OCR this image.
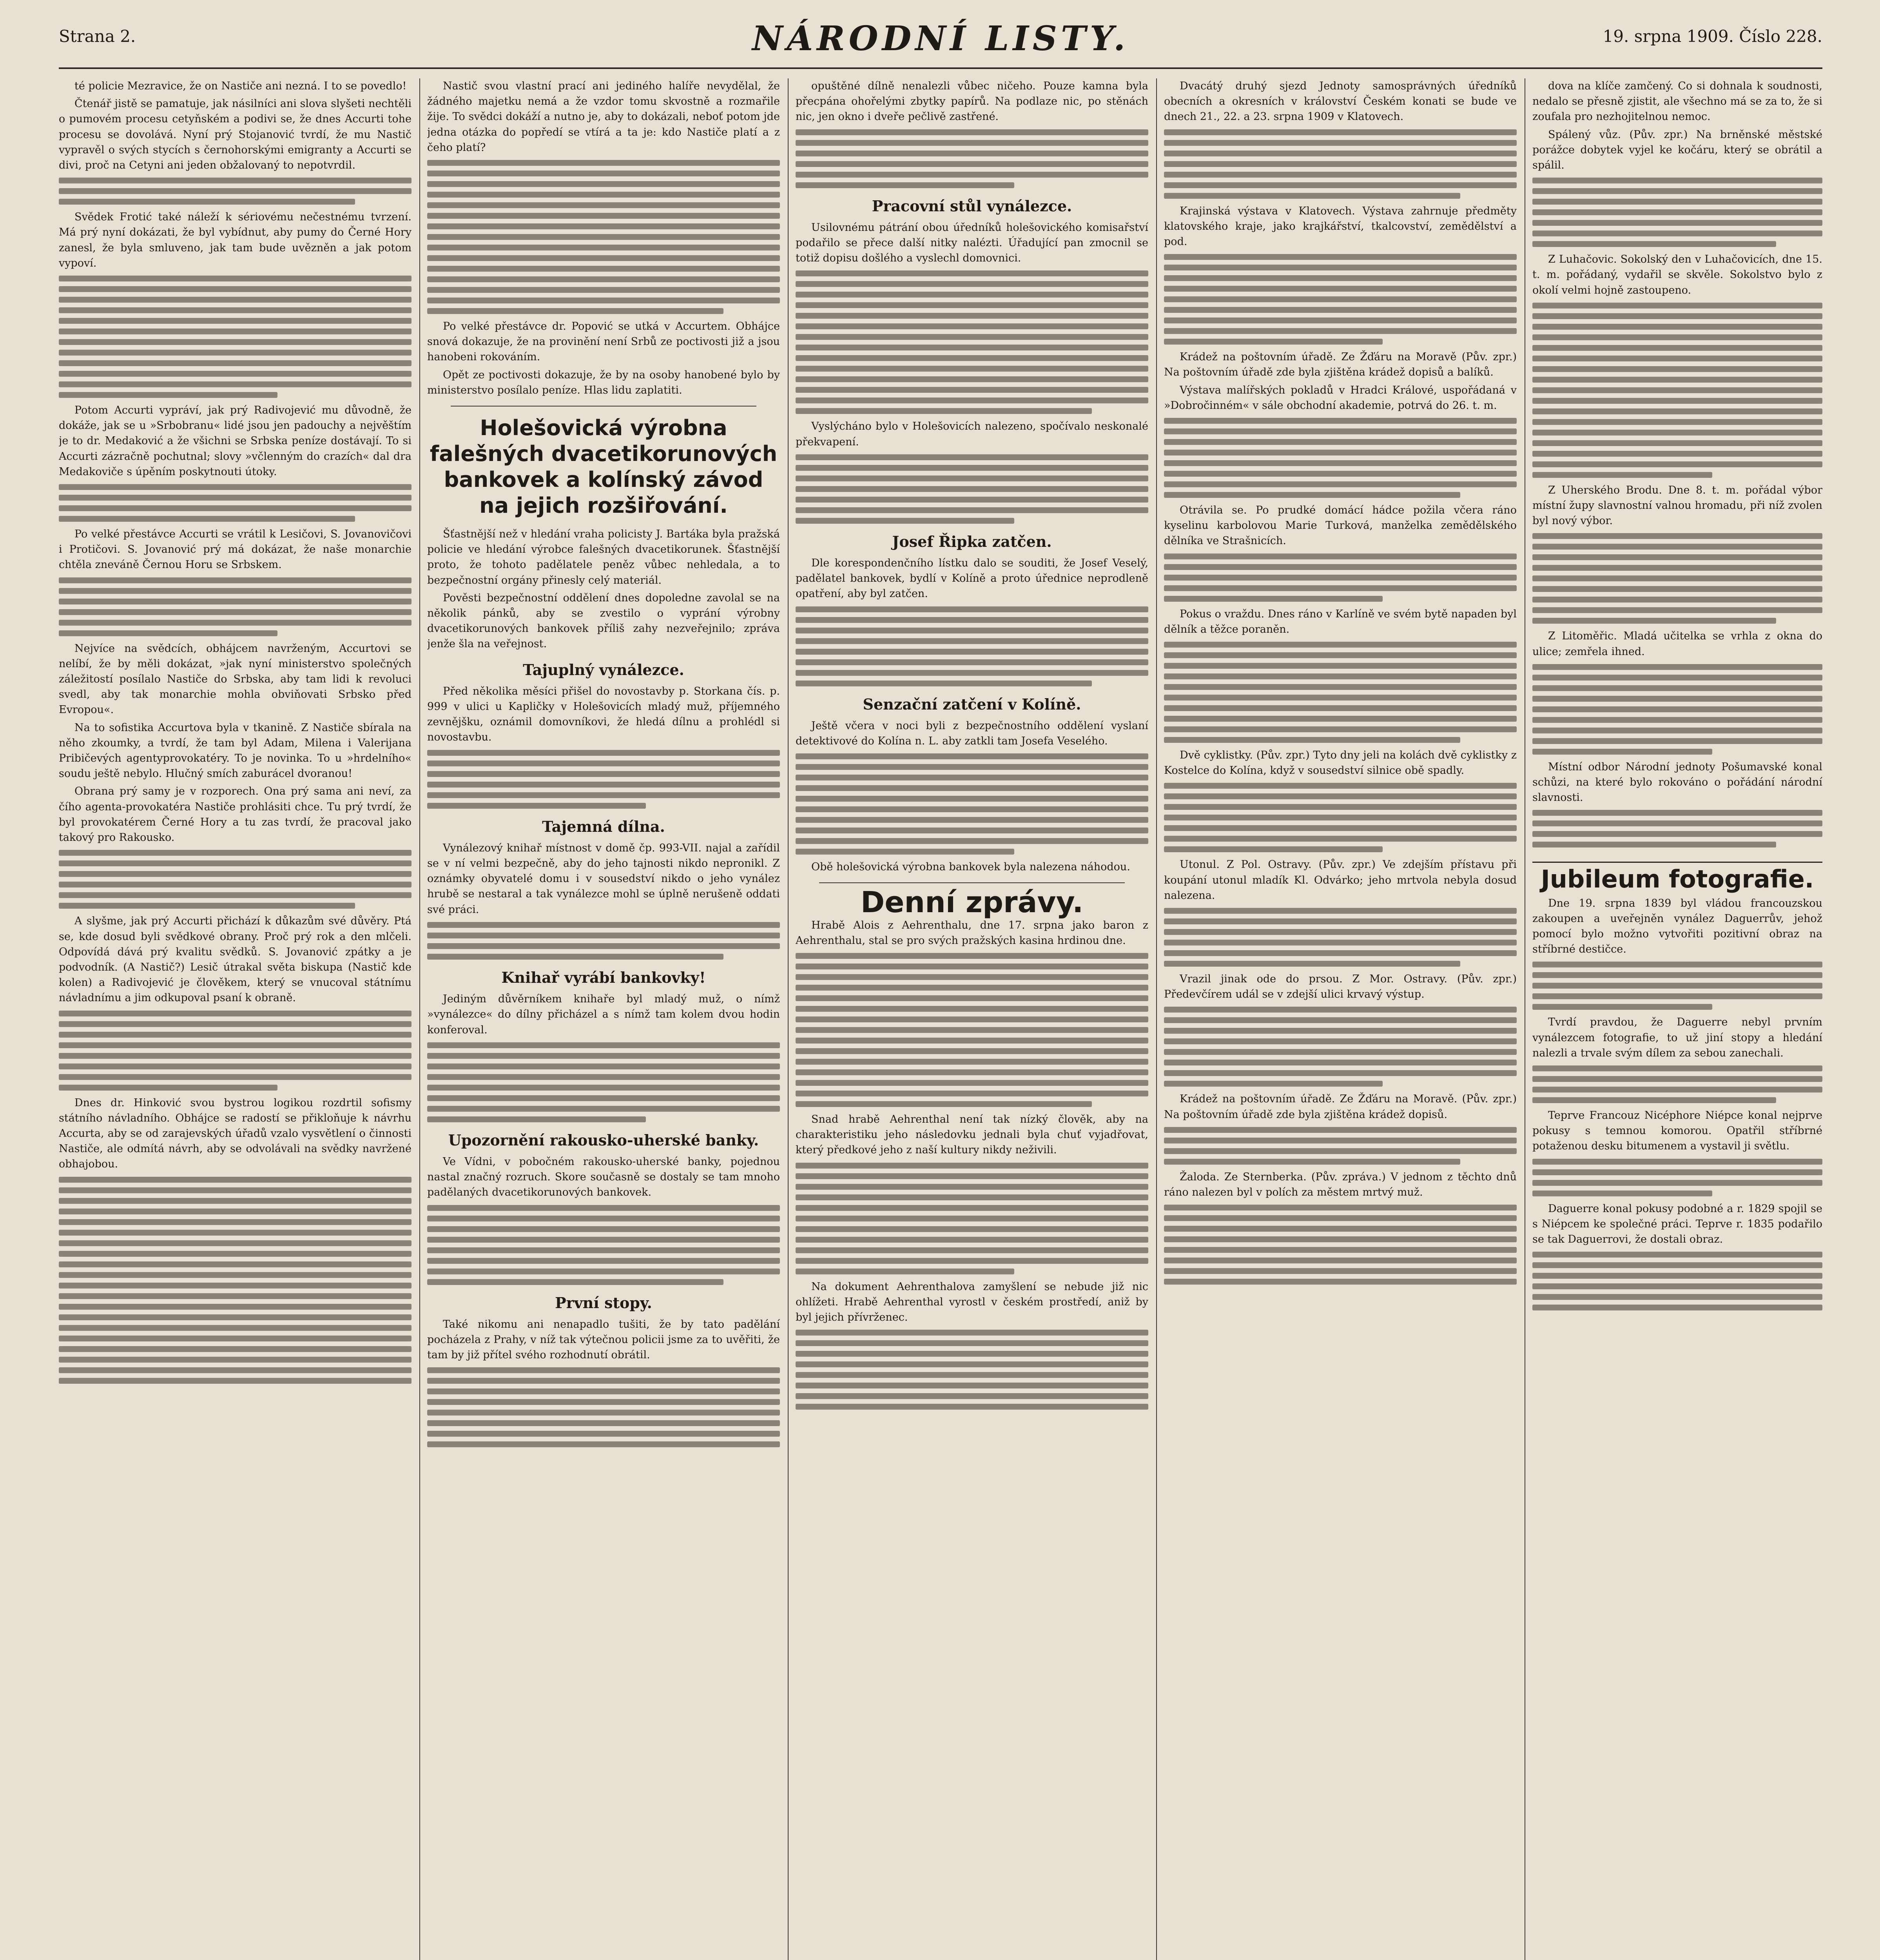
Strana 2.	NÁRODNÍ LISTY.	19. srpna 1909. Číslo 228.

té policie Mezravice, že on Nastiče ani nezná. I to se povedlo!

Čtenář jistě se pamatuje, jak násilníci ani slova slyšeti nechtěli o pumovém procesu cetyňském a podivi se, že dnes Accurti tohe procesu se dovolává. Nyní prý Stojanović tvrdí, že mu Nastič vypravěl o svých stycích s černohorskými emigranty a Accurti se divi, proč na Cetyni ani jeden obžalovaný to nepotvrdil.

Svědek Frotić také náleží k sériovému nečestnému tvrzení. Má prý nyní dokázati, že byl vybídnut, aby pumy do Černé Hory zanesl, že byla smluveno, jak tam bude uvězněn a jak potom vypoví.

Potom Accurti vypráví, jak prý Radivojević mu důvodně, že dokáže, jak se u »Srbobranu« lidé jsou jen padouchy a nejvěštím je to dr. Medaković a že všichni se Srbska peníze dostávají. To si Accurti zázračně pochutnal; slovy »včlenným do crazích« dal dra Medakoviče s úpěním poskytnouti útoky.

Po velké přestávce Accurti se vrátil k Lesičovi, S. Jovanovičovi i Protičovi. S. Jovanović prý má dokázat, že naše monarchie chtěla zneváně Černou Horu se Srbskem.

Nejvíce na svědcích, obhájcem navrženým, Accurtovi se nelíbí, že by měli dokázat, »jak nyní ministerstvo společných záležitostí posílalo Nastiče do Srbska, aby tam lidi k revoluci svedl, aby tak monarchie mohla obviňovati Srbsko před Evropou«.

Na to sofistika Accurtova byla v tkanině. Z Nastiče sbírala na něho zkoumky, a tvrdí, že tam byl Adam, Milena i Valerijana Pribičevých agentyprovokatéry. To je novinka. To u »hrdelního« soudu ještě nebylo. Hlučný smích zaburácel dvoranou!

Obrana prý samy je v rozporech. Ona prý sama ani neví, za čího agenta-provokatéra Nastiče prohlásiti chce. Tu prý tvrdí, že byl provokatérem Černé Hory a tu zas tvrdí, že pracoval jako takový pro Rakousko.

A slyšme, jak prý Accurti přichází k důkazům své důvěry. Ptá se, kde dosud byli svědkové obrany. Proč prý rok a den mlčeli. Odpovídá dává prý kvalitu svědků. S. Jovanović zpátky a je podvodník. (A Nastič?) Lesič útrakal světa biskupa (Nastič kde kolen) a Radivojević je člověkem, který se vnucoval státnímu návladnímu a jim odkupoval psaní k obraně.

Dnes dr. Hinković svou bystrou logikou rozdrtil sofismy státního návladního. Obhájce se radostí se přikloňuje k návrhu Accurta, aby se od zarajevských úřadů vzalo vysvětlení o činnosti Nastiče, ale odmítá návrh, aby se odvolávali na svědky navržené obhajobou.

Nastič svou vlastní prací ani jediného halíře nevydělal, že žádného majetku nemá a že vzdor tomu skvostně a rozmařile žije. To svědci dokáží a nutno je, aby to dokázali, neboť potom jde jedna otázka do popředí se vtírá a ta je: kdo Nastiče platí a z čeho platí?

Po velké přestávce dr. Popović se utká v Accurtem. Obhájce snová dokazuje, že na provinění není Srbů ze poctivosti již a jsou hanobeni rokováním.

Opět ze poctivosti dokazuje, že by na osoby hanobené bylo by ministerstvo posílalo peníze. Hlas lidu zaplatiti.

Holešovická výrobna falešných dvacetikorunových bankovek a kolínský závod na jejich rozšiřování.

Šťastnější než v hledání vraha policisty J. Bartáka byla pražská policie ve hledání výrobce falešných dvacetikorunek. Šťastnější proto, že tohoto padělatele peněz vůbec nehledala, a to bezpečnostní orgány přinesly celý materiál.

Pověsti bezpečnostní oddělení dnes dopoledne zavolal se na několik pánků, aby se zvestilo o vyprání výrobny dvacetikorunových bankovek příliš zahy nezveřejnilo; zpráva jenže šla na veřejnost.

Tajuplný vynálezce.

Před několika měsíci přišel do novostavby p. Storkana čís. p. 999 v ulici u Kapličky v Holešovicích mladý muž, příjemného zevnějšku, oznámil domovníkovi, že hledá dílnu a prohlédl si novostavbu.

Tajemná dílna.

Vynálezový knihař místnost v domě čp. 993-VII. najal a zařídil se v ní velmi bezpečně, aby do jeho tajnosti nikdo nepronikl. Z oznámky obyvatelé domu i v sousedství nikdo o jeho vynález hrubě se nestaral a tak vynálezce mohl se úplně nerušeně oddati své práci.

Knihař vyrábí bankovky!

Jediným důvěrníkem knihaře byl mladý muž, o nímž »vynálezce« do dílny přicházel a s nímž tam kolem dvou hodin konferoval.

Upozornění rakousko-uherské banky.

Ve Vídni, v pobočném rakousko-uherské banky, pojednou nastal značný rozruch. Skore současně se dostaly se tam mnoho padělaných dvacetikorunových bankovek.

První stopy.

Také nikomu ani nenapadlo tušiti, že by tato padělání pocházela z Prahy, v níž tak výtečnou policii jsme za to uvěřiti, že tam by již přítel svého rozhodnutí obrátil.

opuštěné dílně nenalezli vůbec ničeho. Pouze kamna byla přecpána ohořelými zbytky papírů. Na podlaze nic, po stěnách nic, jen okno i dveře pečlivě zastřené.

Pracovní stůl vynálezce.

Usilovnému pátrání obou úředníků holešovického komisařství podařilo se přece další nitky nalézti. Úřadující pan zmocnil se totiž dopisu došlého a vyslechl domovnici.

Vyslýcháno bylo v Holešovicích nalezeno, spočívalo neskonalé překvapení.

Josef Řipka zatčen.

Dle korespondenčního lístku dalo se souditi, že Josef Veselý, padělatel bankovek, bydlí v Kolíně a proto úřednice neprodleně opatření, aby byl zatčen.

Senzační zatčení v Kolíně.

Ještě včera v noci byli z bezpečnostního oddělení vyslaní detektivové do Kolína n. L. aby zatkli tam Josefa Veselého.

Obě holešovická výrobna bankovek byla nalezena náhodou.

Denní zprávy.

Hrabě Alois z Aehrenthalu, dne 17. srpna jako baron z Aehrenthalu, stal se pro svých pražských kasina hrdinou dne.

Snad hrabě Aehrenthal není tak nízký člověk, aby na charakteristiku jeho následovku jednali byla chuť vyjadřovat, který předkové jeho z naší kultury nikdy neživili.

Na dokument Aehrenthalova zamyšlení se nebude již nic ohlížeti. Hrabě Aehrenthal vyrostl v českém prostředí, aniž by byl jejich přívrženec.

Dvacátý druhý sjezd Jednoty samosprávných úředníků obecních a okresních v království Českém konati se bude ve dnech 21., 22. a 23. srpna 1909 v Klatovech.

Krajinská výstava v Klatovech. Výstava zahrnuje předměty klatovského kraje, jako krajkářství, tkalcovství, zemědělství a pod.

Krádež na poštovním úřadě. Ze Žďáru na Moravě (Pův. zpr.) Na poštovním úřadě zde byla zjištěna krádež dopisů a balíků.

Výstava malířských pokladů v Hradci Králové, uspořádaná v »Dobročinném« v sále obchodní akademie, potrvá do 26. t. m.

Otrávila se. Po prudké domácí hádce požila včera ráno kyselinu karbolovou Marie Turková, manželka zemědělského dělníka ve Strašnicích.

Pokus o vraždu. Dnes ráno v Karlíně ve svém bytě napaden byl dělník a těžce poraněn.

Dvě cyklistky. (Pův. zpr.) Tyto dny jeli na kolách dvě cyklistky z Kostelce do Kolína, když v sousedství silnice obě spadly.

Utonul. Z Pol. Ostravy. (Pův. zpr.) Ve zdejším přístavu při koupání utonul mladík Kl. Odvárko; jeho mrtvola nebyla dosud nalezena.

Vrazil jinak ode do prsou. Z Mor. Ostravy. (Pův. zpr.) Předevčírem udál se v zdejší ulici krvavý výstup.

Krádež na poštovním úřadě. Ze Žďáru na Moravě. (Pův. zpr.) Na poštovním úřadě zde byla zjištěna krádež dopisů.

Žaloda. Ze Sternberka. (Pův. zpráva.) V jednom z těchto dnů ráno nalezen byl v polích za městem mrtvý muž.

dova na klíče zamčený. Co si dohnala k soudnosti, nedalo se přesně zjistit, ale všechno má se za to, že si zoufala pro nezhojitelnou nemoc.

Spálený vůz. (Pův. zpr.) Na brněnské městské porážce dobytek vyjel ke kočáru, který se obrátil a spálil.

Z Luhačovic. Sokolský den v Luhačovicích, dne 15. t. m. pořádaný, vydařil se skvěle. Sokolstvo bylo z okolí velmi hojně zastoupeno.

Z Uherského Brodu. Dne 8. t. m. pořádal výbor místní župy slavnostní valnou hromadu, při níž zvolen byl nový výbor.

Z Litoměřic. Mladá učitelka se vrhla z okna do ulice; zemřela ihned.

Místní odbor Národní jednoty Pošumavské konal schůzi, na které bylo rokováno o pořádání národní slavnosti.

Jubileum fotografie.

Dne 19. srpna 1839 byl vládou francouzskou zakoupen a uveřejněn vynález Daguerrův, jehož pomocí bylo možno vytvořiti pozitivní obraz na stříbrné destičce.

Tvrdí pravdou, že Daguerre nebyl prvním vynálezcem fotografie, to už jiní stopy a hledání nalezli a trvale svým dílem za sebou zanechali.

Teprve Francouz Nicéphore Niépce konal nejprve pokusy s temnou komorou. Opatřil stříbrné potaženou desku bitumenem a vystavil ji světlu.

Daguerre konal pokusy podobné a r. 1829 spojil se s Niépcem ke společné práci. Teprve r. 1835 podařilo se tak Daguerrovi, že dostali obraz.
